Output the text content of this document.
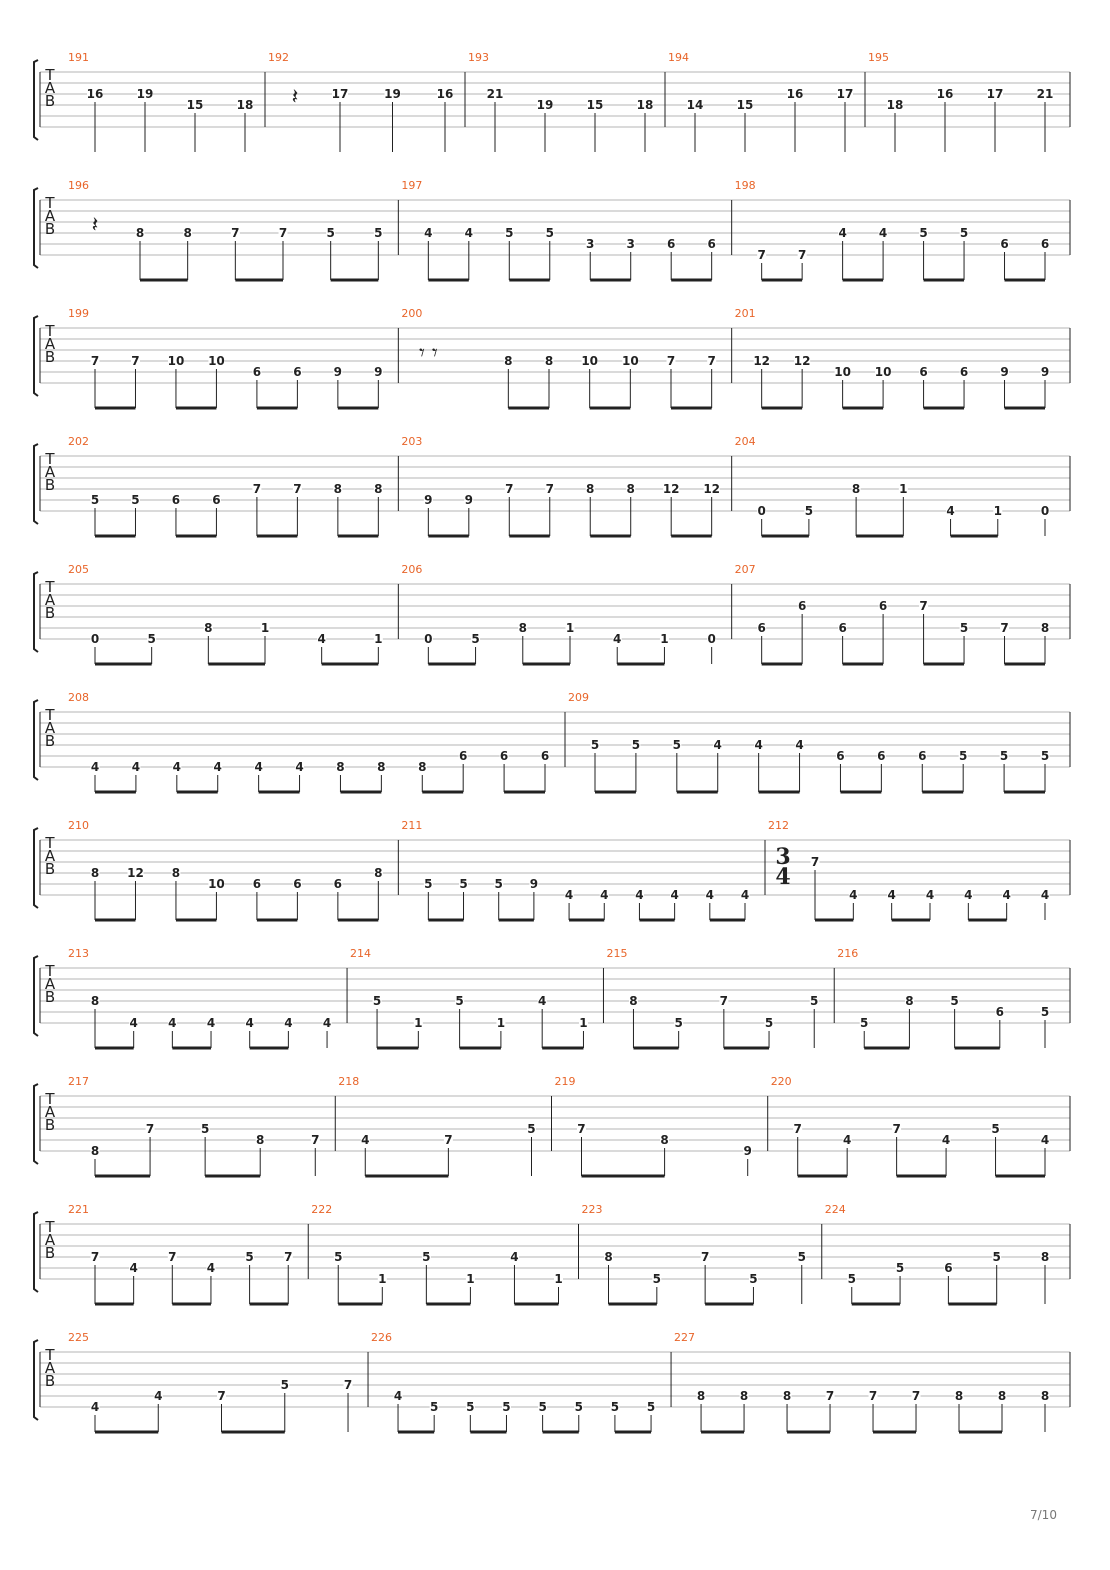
T
A
B
191
16	19
15	18
192
𝄽	17	19	16
193
21
19	15	18
194
14	15
16	17
195
18
16	17	21
T
A
B
196
𝄽	8	8	7	7	5	5
197
4	4	5	5
3	3	6	6
198
7	7
4	4	5	5
6	6
T
A
B
199
7	7 10 10
6	6	9	9
200
𝄾 𝄾	8	8 10 10 7	7
201
12 12
10 10 6	6	9	9
T
A
B
202
5	5	6	6
7	7	8	8
203
9	9
7	7	8	8 12 12
204
0	5
8	1
4	1	0
T
A
B
205
0	5
8	1
4	1
206
0	5
8	1
4	1	0
207
6
6
6
6	7
5	7	8
T
A
B
208
4	4	4	4	4	4	8	8	8
6	6	6
209
5	5	5	4	4	4
6	6	6	5	5	5
T
A
B
210
8 12 8
10 6	6	6
8
211
5 5 5 9
4 4 4 4 4 4
212
3
4
7
4 4 4 4 4 4
T
A
B
213
8
4	4	4	4	4	4
214
5
1
5
1
4
1
215
8
5
7
5
5
216
5
8	5
6	5
T
A
B
217
8
7	5
8	7
218
4	7
5
219
7
8
9
220
7
4
7
4
5
4
T
A
B
221
7
4
7
4
5	7
222
5
1
5
1
4
1
223
8
5
7
5
5
224
5
5	6
5	8
T
A
B
225
4
4	7
5	7
226
4
5 5 5 5 5 5 5
227
8	8	8	7	7	7	8	8	8
7/10
